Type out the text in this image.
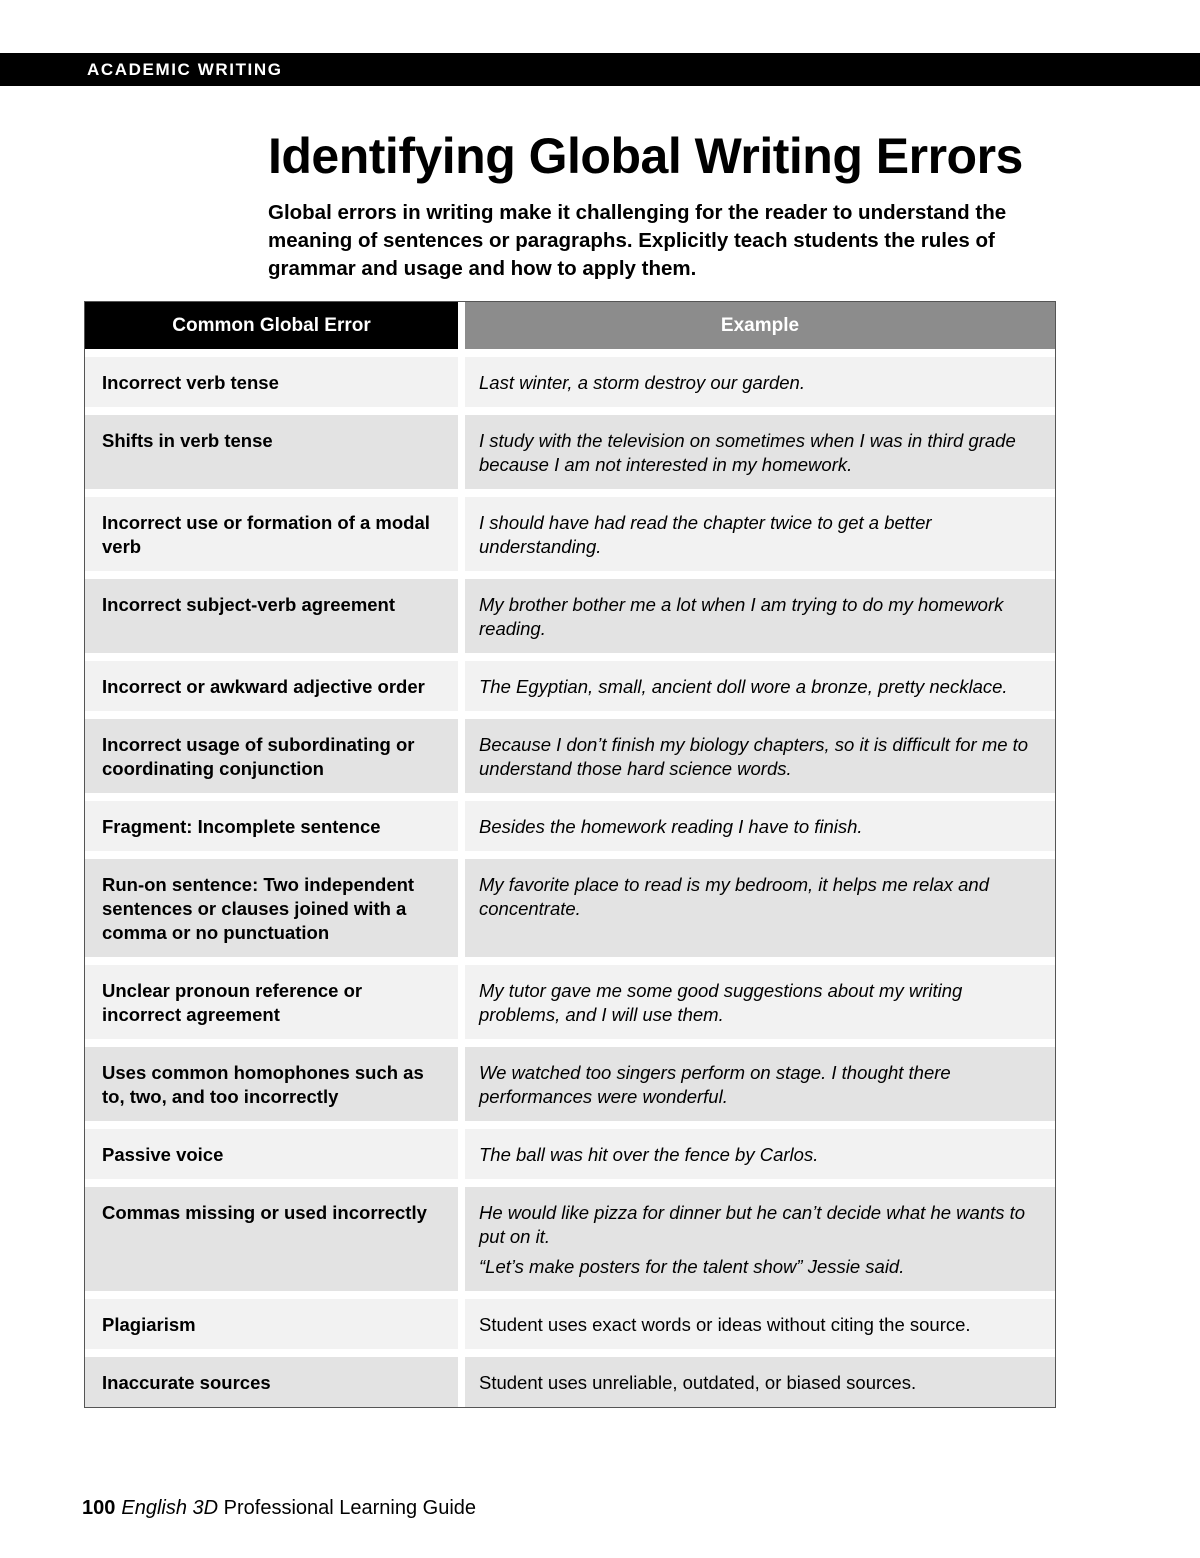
ACADEMIC WRITING
Identifying Global Writing Errors

Global errors in writing make it challenging for the reader to understand the meaning of sentences or paragraphs. Explicitly teach students the rules of grammar and usage and how to apply them.

Common Global Error	Example
Incorrect verb tense	Last winter, a storm destroy our garden.

Shifts in verb tense	I study with the television on sometimes when I was in third grade because I am not interested in my homework.

Incorrect use or formation of a modal verb	I should have had read the chapter twice to get a better understanding.

Incorrect subject-verb agreement	My brother bother me a lot when I am trying to do my homework reading.

Incorrect or awkward adjective order	The Egyptian, small, ancient doll wore a bronze, pretty necklace.

Incorrect usage of subordinating or coordinating conjunction	Because I don’t finish my biology chapters, so it is difficult for me to understand those hard science words.

Fragment: Incomplete sentence	Besides the homework reading I have to finish.

Run-on sentence: Two independent sentences or clauses joined with a comma or no punctuation	My favorite place to read is my bedroom, it helps me relax and concentrate.

Unclear pronoun reference or incorrect agreement	My tutor gave me some good suggestions about my writing problems, and I will use them.

Uses common homophones such as to, two, and too incorrectly	We watched too singers perform on stage. I thought there performances were wonderful.

Passive voice	The ball was hit over the fence by Carlos.

Commas missing or used incorrectly	He would like pizza for dinner but he can’t decide what he wants to put on it.
“Let’s make posters for the talent show” Jessie said.

Plagiarism	Student uses exact words or ideas without citing the source.

Inaccurate sources	Student uses unreliable, outdated, or biased sources.
100 English 3D Professional Learning Guide
